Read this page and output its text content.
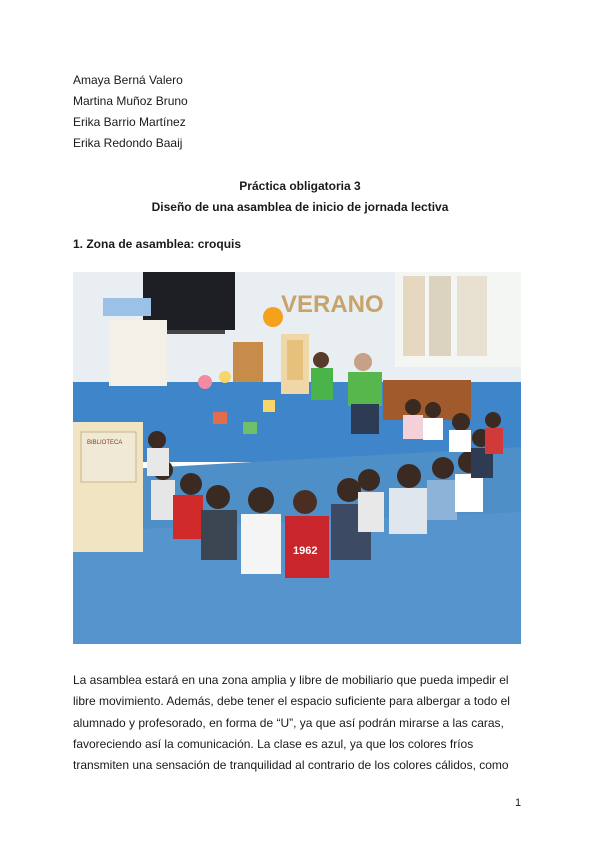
Amaya Berná Valero
Martina Muñoz Bruno
Erika Barrio Martínez
Erika Redondo Baaij
Práctica obligatoria 3
Diseño de una asamblea de inicio de jornada lectiva
1. Zona de asamblea: croquis
VERANO
BIBLIOTECA
1962
La asamblea estará en una zona amplia y libre de mobiliario que pueda impedir el
libre movimiento. Además, debe tener el espacio suficiente para albergar a todo el
alumnado y profesorado, en forma de “U”, ya que así podrán mirarse a las caras,
favoreciendo así la comunicación. La clase es azul, ya que los colores fríos
transmiten una sensación de tranquilidad al contrario de los colores cálidos, como
1
